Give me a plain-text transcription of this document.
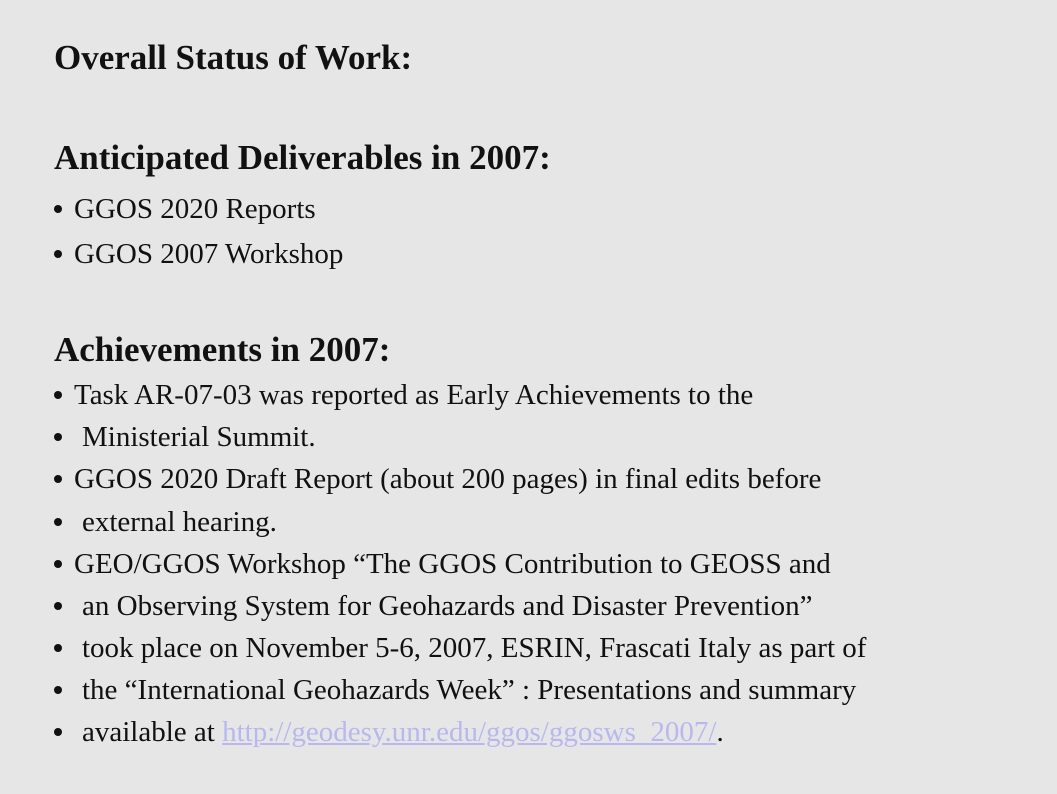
Overall Status of Work:
Anticipated Deliverables in 2007:

GGOS 2020 Reports

GGOS 2007 Workshop

Achievements in 2007:

Task AR-07-03 was reported as Early Achievements to the

Ministerial Summit.

GGOS 2020 Draft Report (about 200 pages) in final edits before

external hearing.

GEO/GGOS Workshop “The GGOS Contribution to GEOSS and

an Observing System for Geohazards and Disaster Prevention”

took place on November 5-6, 2007, ESRIN, Frascati Italy as part of

the “International Geohazards Week” : Presentations and summary

available at http://geodesy.unr.edu/ggos/ggosws_2007/.
